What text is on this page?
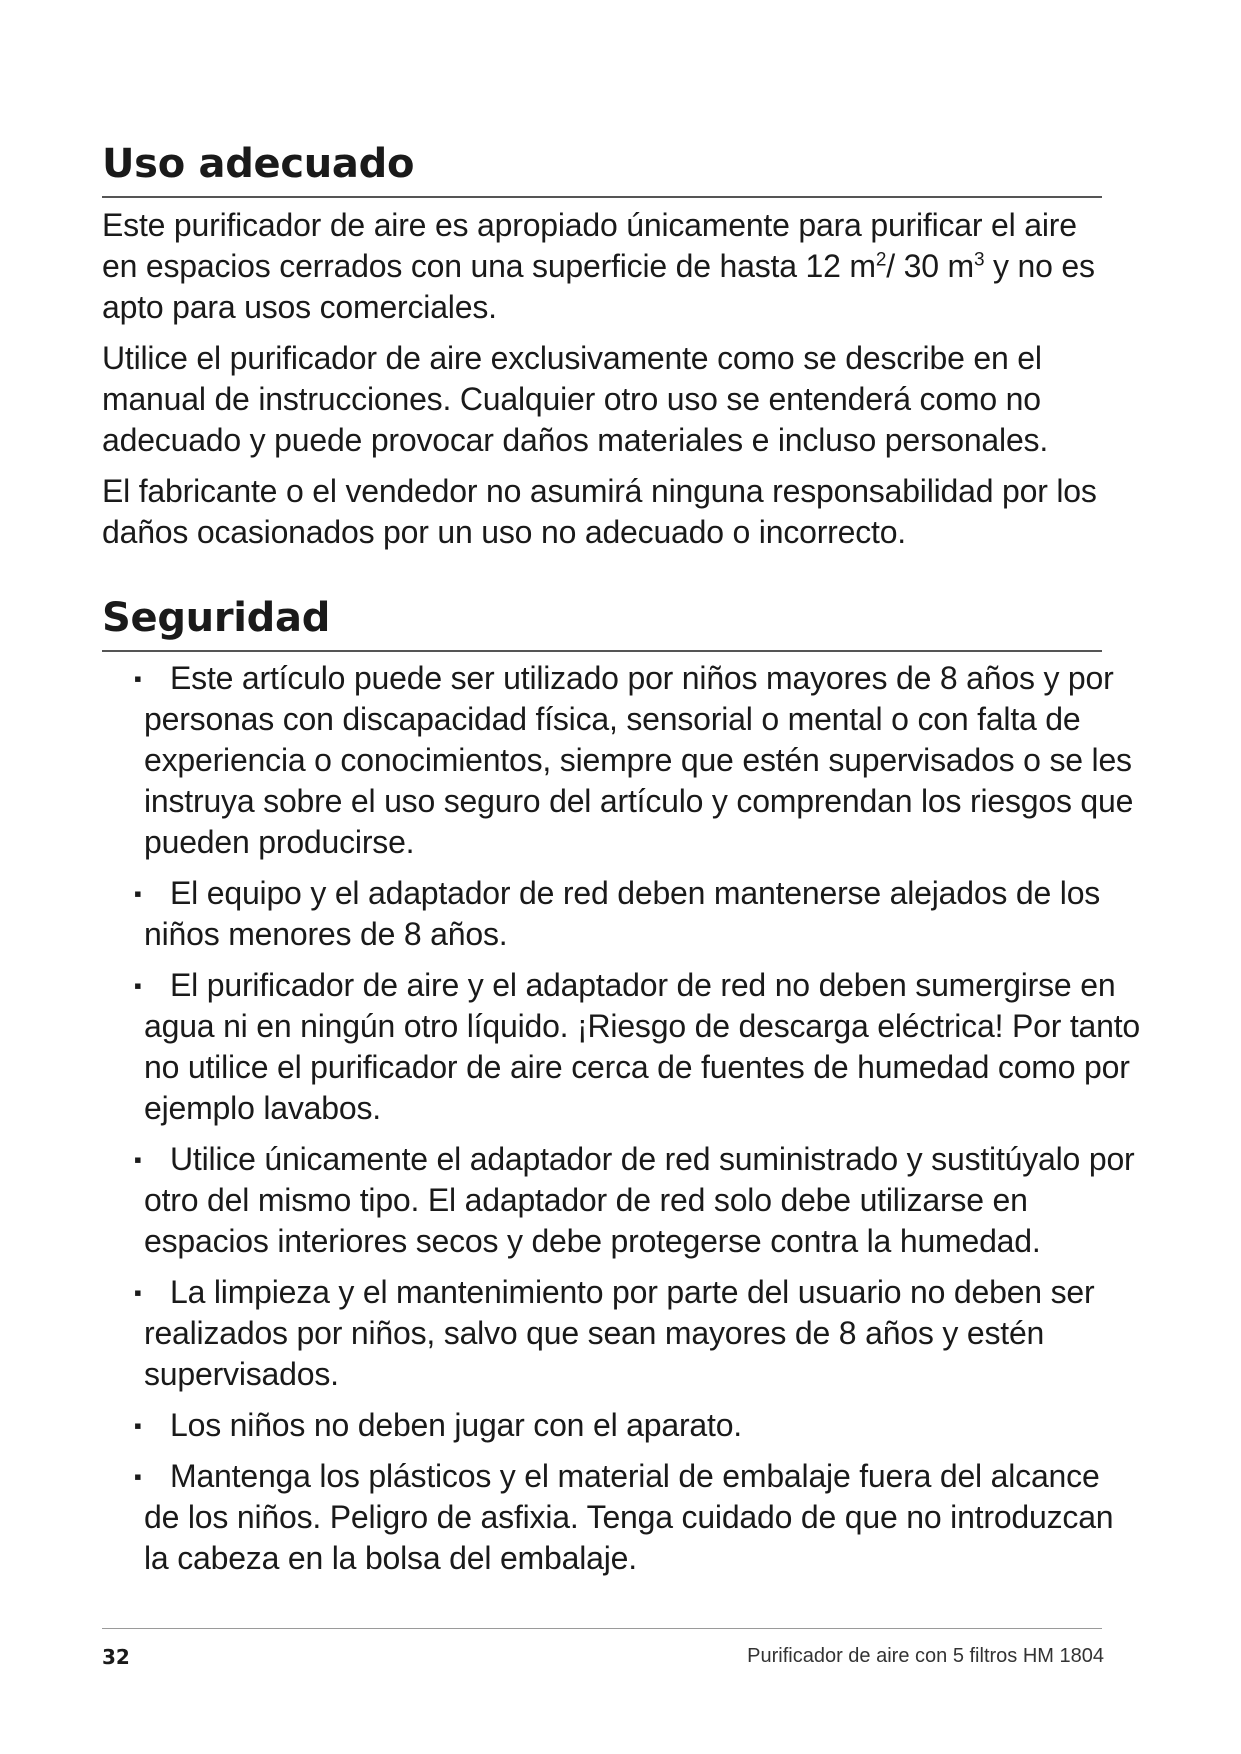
Uso adecuado

Este purificador de aire es apropiado únicamente para purificar el aire en espacios cerrados con una superficie de hasta 12 $m^2/$ 30 $m^3$ y no es apto para usos comerciales.

Utilice el purificador de aire exclusivamente como se describe en el manual de instrucciones. Cualquier otro uso se entenderá como no adecuado y puede provocar daños materiales e incluso personales.

El fabricante o el vendedor no asumirá ninguna responsabilidad por los daños ocasionados por un uso no adecuado o incorrecto.

Seguridad
▪ Este artículo puede ser utilizado por niños mayores de 8 años y por personas con discapacidad física, sensorial o mental o con falta de experiencia o conocimientos, siempre que estén supervisados o se les instruya sobre el uso seguro del artículo y comprendan los riesgos que pueden producirse.
▪ El equipo y el adaptador de red deben mantenerse alejados de los niños menores de 8 años.
▪ El purificador de aire y el adaptador de red no deben sumergirse en agua ni en ningún otro líquido. ¡Riesgo de descarga eléctrica! Por tanto no utilice el purificador de aire cerca de fuentes de humedad como por ejemplo lavabos.
▪ Utilice únicamente el adaptador de red suministrado y sustitúyalo por otro del mismo tipo. El adaptador de red solo debe utilizarse en espacios interiores secos y debe protegerse contra la humedad.
▪ La limpieza y el mantenimiento por parte del usuario no deben ser realizados por niños, salvo que sean mayores de 8 años y estén supervisados.
▪ Los niños no deben jugar con el aparato.
▪ Mantenga los plásticos y el material de embalaje fuera del alcance de los niños. Peligro de asfixia. Tenga cuidado de que no introduzcan la cabeza en la bolsa del embalaje.
32	Purificador de aire con 5 filtros HM 1804
